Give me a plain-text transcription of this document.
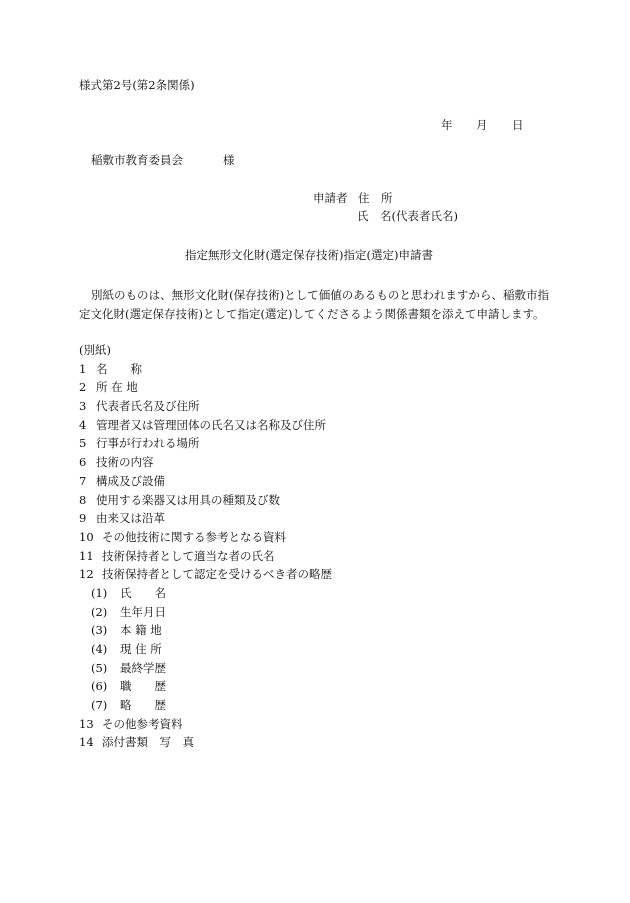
様式第2号(第2条関係)
年 月 日
稲敷市教育委員会	様
申請者 住　所
氏　名(代表者氏名)
指定無形文化財(選定保存技術)指定(選定)申請書
別紙のものは、無形文化財(保存技術)として価値のあるものと思われますから、稲敷市指定文化財(選定保存技術)として指定(選定)してくださるよう関係書類を添えて申請します。
(別紙)
1 名　　称
2 所 在 地
3 代表者氏名及び住所
4 管理者又は管理団体の氏名又は名称及び住所
5 行事が行われる場所
6 技術の内容
7 構成及び設備
8 使用する楽器又は用具の種類及び数
9 由来又は沿革
10 その他技術に関する参考となる資料
11 技術保持者として適当な者の氏名
12 技術保持者として認定を受けるべき者の略歴
(1) 氏　　名
(2) 生年月日
(3) 本 籍 地
(4) 現 住 所
(5) 最終学歴
(6) 職　　歴
(7) 略　　歴
13 その他参考資料
14 添付書類　写　真
